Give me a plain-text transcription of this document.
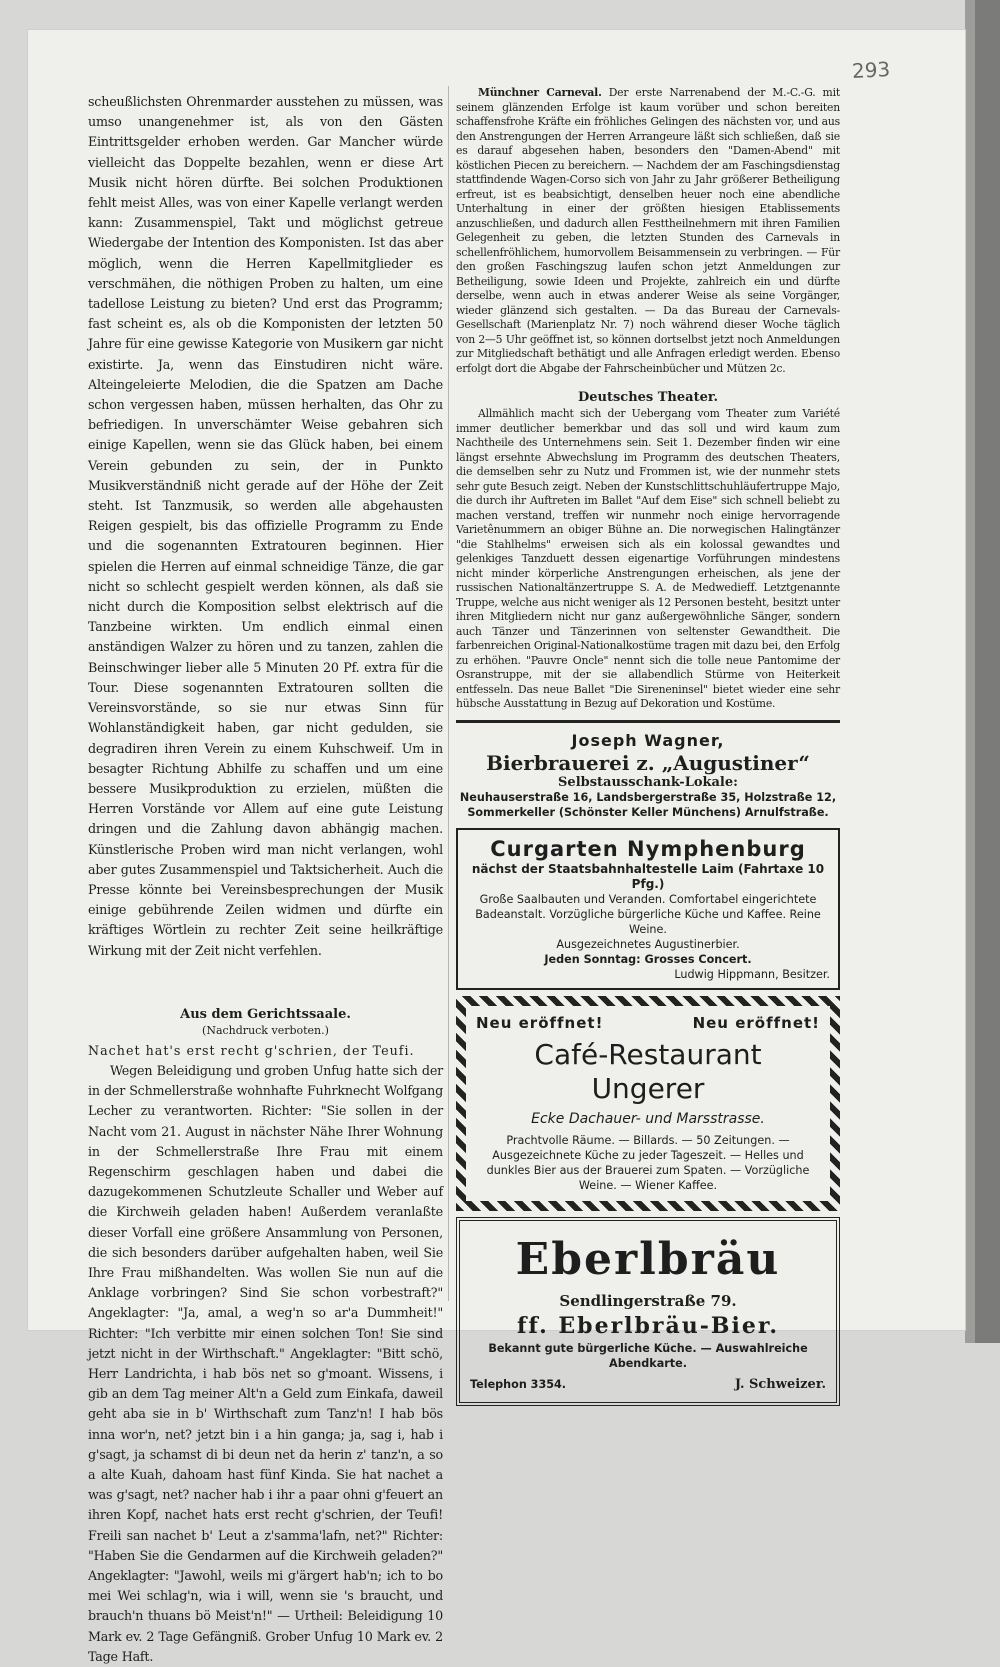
293

scheußlichsten Ohrenmarder ausstehen zu müssen, was umso unangenehmer ist, als von den Gästen Eintrittsgelder erhoben werden. Gar Mancher würde vielleicht das Doppelte bezahlen, wenn er diese Art Musik nicht hören dürfte. Bei solchen Produktionen fehlt meist Alles, was von einer Kapelle verlangt werden kann: Zusammenspiel, Takt und möglichst getreue Wiedergabe der Intention des Komponisten. Ist das aber möglich, wenn die Herren Kapellmitglieder es verschmähen, die nöthigen Proben zu halten, um eine tadellose Leistung zu bieten? Und erst das Programm; fast scheint es, als ob die Komponisten der letzten 50 Jahre für eine gewisse Kategorie von Musikern gar nicht existirte. Ja, wenn das Einstudiren nicht wäre. Alteingeleierte Melodien, die die Spatzen am Dache schon vergessen haben, müssen herhalten, das Ohr zu befriedigen. In unverschämter Weise gebahren sich einige Kapellen, wenn sie das Glück haben, bei einem Verein gebunden zu sein, der in Punkto Musikverständniß nicht gerade auf der Höhe der Zeit steht. Ist Tanzmusik, so werden alle abgehausten Reigen gespielt, bis das offizielle Programm zu Ende und die sogenannten Extratouren beginnen. Hier spielen die Herren auf einmal schneidige Tänze, die gar nicht so schlecht gespielt werden können, als daß sie nicht durch die Komposition selbst elektrisch auf die Tanzbeine wirkten. Um endlich einmal einen anständigen Walzer zu hören und zu tanzen, zahlen die Beinschwinger lieber alle 5 Minuten 20 Pf. extra für die Tour. Diese sogenannten Extratouren sollten die Vereinsvorstände, so sie nur etwas Sinn für Wohlanständigkeit haben, gar nicht gedulden, sie degradiren ihren Verein zu einem Kuhschweif. Um in besagter Richtung Abhilfe zu schaffen und um eine bessere Musikproduktion zu erzielen, müßten die Herren Vorstände vor Allem auf eine gute Leistung dringen und die Zahlung davon abhängig machen. Künstlerische Proben wird man nicht verlangen, wohl aber gutes Zusammenspiel und Taktsicherheit. Auch die Presse könnte bei Vereinsbesprechungen der Musik einige gebührende Zeilen widmen und dürfte ein kräftiges Wörtlein zu rechter Zeit seine heilkräftige Wirkung mit der Zeit nicht verfehlen.

Aus dem Gerichtssaale.

(Nachdruck verboten.)

Nachet hat's erst recht g'schrien, der Teufi.

Wegen Beleidigung und groben Unfug hatte sich der in der Schmellerstraße wohnhafte Fuhrknecht Wolfgang Lecher zu verantworten. Richter: "Sie sollen in der Nacht vom 21. August in nächster Nähe Ihrer Wohnung in der Schmellerstraße Ihre Frau mit einem Regenschirm geschlagen haben und dabei die dazugekommenen Schutzleute Schaller und Weber auf die Kirchweih geladen haben! Außerdem veranlaßte dieser Vorfall eine größere Ansammlung von Personen, die sich besonders darüber aufgehalten haben, weil Sie Ihre Frau mißhandelten. Was wollen Sie nun auf die Anklage vorbringen? Sind Sie schon vorbestraft?" Angeklagter: "Ja, amal, a weg'n so ar'a Dummheit!" Richter: "Ich verbitte mir einen solchen Ton! Sie sind jetzt nicht in der Wirthschaft." Angeklagter: "Bitt schö, Herr Landrichta, i hab bös net so g'moant. Wissens, i gib an dem Tag meiner Alt'n a Geld zum Einkafa, daweil geht aba sie in b' Wirthschaft zum Tanz'n! I hab bös inna wor'n, net? jetzt bin i a hin ganga; ja, sag i, hab i g'sagt, ja schamst di bi deun net da herin z' tanz'n, a so a alte Kuah, dahoam hast fünf Kinda. Sie hat nachet a was g'sagt, net? nacher hab i ihr a paar ohni g'feuert an ihren Kopf, nachet hats erst recht g'schrien, der Teufi! Freili san nachet b' Leut a z'samma'lafn, net?" Richter: "Haben Sie die Gendarmen auf die Kirchweih geladen?" Angeklagter: "Jawohl, weils mi g'ärgert hab'n; ich to bo mei Wei schlag'n, wia i will, wenn sie 's braucht, und brauch'n thuans bö Meist'n!" — Urtheil: Beleidigung 10 Mark ev. 2 Tage Gefängniß. Grober Unfug 10 Mark ev. 2 Tage Haft.

Münchner Carneval. Der erste Narrenabend der M.-C.-G. mit seinem glänzenden Erfolge ist kaum vorüber und schon bereiten schaffensfrohe Kräfte ein fröhliches Gelingen des nächsten vor, und aus den Anstrengungen der Herren Arrangeure läßt sich schließen, daß sie es darauf abgesehen haben, besonders den "Damen-Abend" mit köstlichen Piecen zu bereichern. — Nachdem der am Faschingsdienstag stattfindende Wagen-Corso sich von Jahr zu Jahr größerer Betheiligung erfreut, ist es beabsichtigt, denselben heuer noch eine abendliche Unterhaltung in einer der größten hiesigen Etablissements anzuschließen, und dadurch allen Festtheilnehmern mit ihren Familien Gelegenheit zu geben, die letzten Stunden des Carnevals in schellenfröhlichem, humorvollem Beisammensein zu verbringen. — Für den großen Faschingszug laufen schon jetzt Anmeldungen zur Betheiligung, sowie Ideen und Projekte, zahlreich ein und dürfte derselbe, wenn auch in etwas anderer Weise als seine Vorgänger, wieder glänzend sich gestalten. — Da das Bureau der Carnevals-Gesellschaft (Marienplatz Nr. 7) noch während dieser Woche täglich von 2—5 Uhr geöffnet ist, so können dortselbst jetzt noch Anmeldungen zur Mitgliedschaft bethätigt und alle Anfragen erledigt werden. Ebenso erfolgt dort die Abgabe der Fahrscheinbücher und Mützen 2c.

Deutsches Theater.

Allmählich macht sich der Uebergang vom Theater zum Variété immer deutlicher bemerkbar und das soll und wird kaum zum Nachtheile des Unternehmens sein. Seit 1. Dezember finden wir eine längst ersehnte Abwechslung im Programm des deutschen Theaters, die demselben sehr zu Nutz und Frommen ist, wie der nunmehr stets sehr gute Besuch zeigt. Neben der Kunstschlittschuhläufertruppe Majo, die durch ihr Auftreten im Ballet "Auf dem Eise" sich schnell beliebt zu machen verstand, treffen wir nunmehr noch einige hervorragende Varietênummern an obiger Bühne an. Die norwegischen Halingtänzer "die Stahlhelms" erweisen sich als ein kolossal gewandtes und gelenkiges Tanzduett dessen eigenartige Vorführungen mindestens nicht minder körperliche Anstrengungen erheischen, als jene der russischen Nationaltänzertruppe S. A. de Medwedieff. Letztgenannte Truppe, welche aus nicht weniger als 12 Personen besteht, besitzt unter ihren Mitgliedern nicht nur ganz außergewöhnliche Sänger, sondern auch Tänzer und Tänzerinnen von seltenster Gewandtheit. Die farbenreichen Original-Nationalkostüme tragen mit dazu bei, den Erfolg zu erhöhen. "Pauvre Oncle" nennt sich die tolle neue Pantomime der Osranstruppe, mit der sie allabendlich Stürme von Heiterkeit entfesseln. Das neue Ballet "Die Sireneninsel" bietet wieder eine sehr hübsche Ausstattung in Bezug auf Dekoration und Kostüme.

Joseph Wagner,

Bierbrauerei z. „Augustiner“

Selbstausschank-Lokale:

Neuhauserstraße 16, Landsbergerstraße 35, Holzstraße 12,

Sommerkeller (Schönster Keller Münchens) Arnulfstraße.

Curgarten Nymphenburg

nächst der Staatsbahnhaltestelle Laim (Fahrtaxe 10 Pfg.)

Große Saalbauten und Veranden. Comfortabel eingerichtete Badeanstalt. Vorzügliche bürgerliche Küche und Kaffee. Reine Weine.

Ausgezeichnetes Augustinerbier.

Jeden Sonntag: Grosses Concert.

Ludwig Hippmann, Besitzer.

Neu eröffnet!	Neu eröffnet!

Café-Restaurant Ungerer

Ecke Dachauer- und Marsstrasse.

Prachtvolle Räume. — Billards. — 50 Zeitungen. —

Ausgezeichnete Küche zu jeder Tageszeit. — Helles und

dunkles Bier aus der Brauerei zum Spaten. — Vorzügliche Weine. — Wiener Kaffee.

Eberlbräu

Sendlingerstraße 79.

ff. Eberlbräu-Bier.

Bekannt gute bürgerliche Küche. — Auswahlreiche Abendkarte.

Telephon 3354.	J. Schweizer.
